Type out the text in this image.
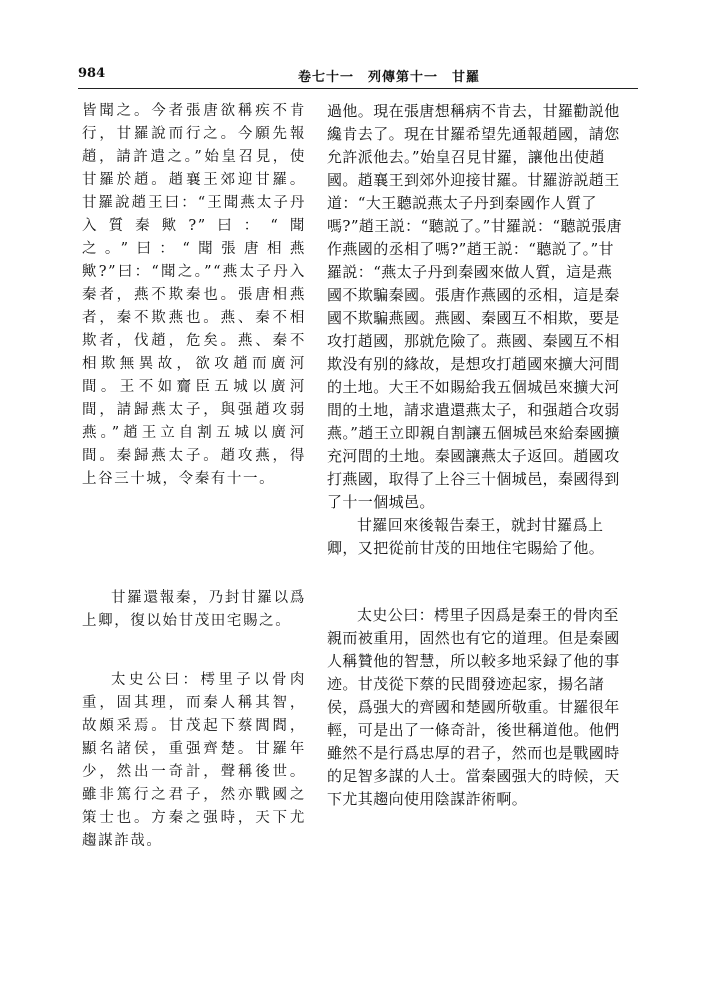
984	卷七十一　列傳第十一　甘羅

皆聞之。今者張唐欲稱疾不肯行，甘羅說而行之。今願先報趙，請許遣之。”始皇召見，使甘羅於趙。趙襄王郊迎甘羅。甘羅說趙王曰：“王聞燕太子丹入質秦歟?”曰：“聞之。”曰：“聞張唐相燕歟?”曰：“聞之。”“燕太子丹入秦者，燕不欺秦也。張唐相燕者，秦不欺燕也。燕、秦不相欺者，伐趙，危矣。燕、秦不相欺無異故，欲攻趙而廣河間。王不如齎臣五城以廣河間，請歸燕太子，與强趙攻弱燕。”趙王立自割五城以廣河間。秦歸燕太子。趙攻燕，得上谷三十城，令秦有十一。

甘羅還報秦，乃封甘羅以爲上卿，復以始甘茂田宅賜之。

太史公曰：樗里子以骨肉重，固其理，而秦人稱其智，故頗采焉。甘茂起下蔡閭閻，顯名諸侯，重强齊楚。甘羅年少，然出一奇計，聲稱後世。雖非篤行之君子，然亦戰國之策士也。方秦之强時，天下尤趨謀詐哉。

過他。現在張唐想稱病不肯去，甘羅勸説他纔肯去了。現在甘羅希望先通報趙國，請您允許派他去。”始皇召見甘羅，讓他出使趙國。趙襄王到郊外迎接甘羅。甘羅游説趙王道：“大王聽説燕太子丹到秦國作人質了嗎?”趙王説：“聽説了。”甘羅説：“聽説張唐作燕國的丞相了嗎?”趙王説：“聽説了。”甘羅説：“燕太子丹到秦國來做人質，這是燕國不欺騙秦國。張唐作燕國的丞相，這是秦國不欺騙燕國。燕國、秦國互不相欺，要是攻打趙國，那就危險了。燕國、秦國互不相欺没有别的緣故，是想攻打趙國來擴大河間的土地。大王不如賜給我五個城邑來擴大河間的土地，請求遣還燕太子，和强趙合攻弱燕。”趙王立即親自割讓五個城邑來給秦國擴充河間的土地。秦國讓燕太子返回。趙國攻打燕國，取得了上谷三十個城邑，秦國得到了十一個城邑。

甘羅回來後報告秦王，就封甘羅爲上卿，又把從前甘茂的田地住宅賜給了他。

太史公曰：樗里子因爲是秦王的骨肉至親而被重用，固然也有它的道理。但是秦國人稱贊他的智慧，所以較多地采録了他的事迹。甘茂從下蔡的民間發迹起家，揚名諸侯，爲强大的齊國和楚國所敬重。甘羅很年輕，可是出了一條奇計，後世稱道他。他們雖然不是行爲忠厚的君子，然而也是戰國時的足智多謀的人士。當秦國强大的時候，天下尤其趨向使用陰謀詐術啊。
